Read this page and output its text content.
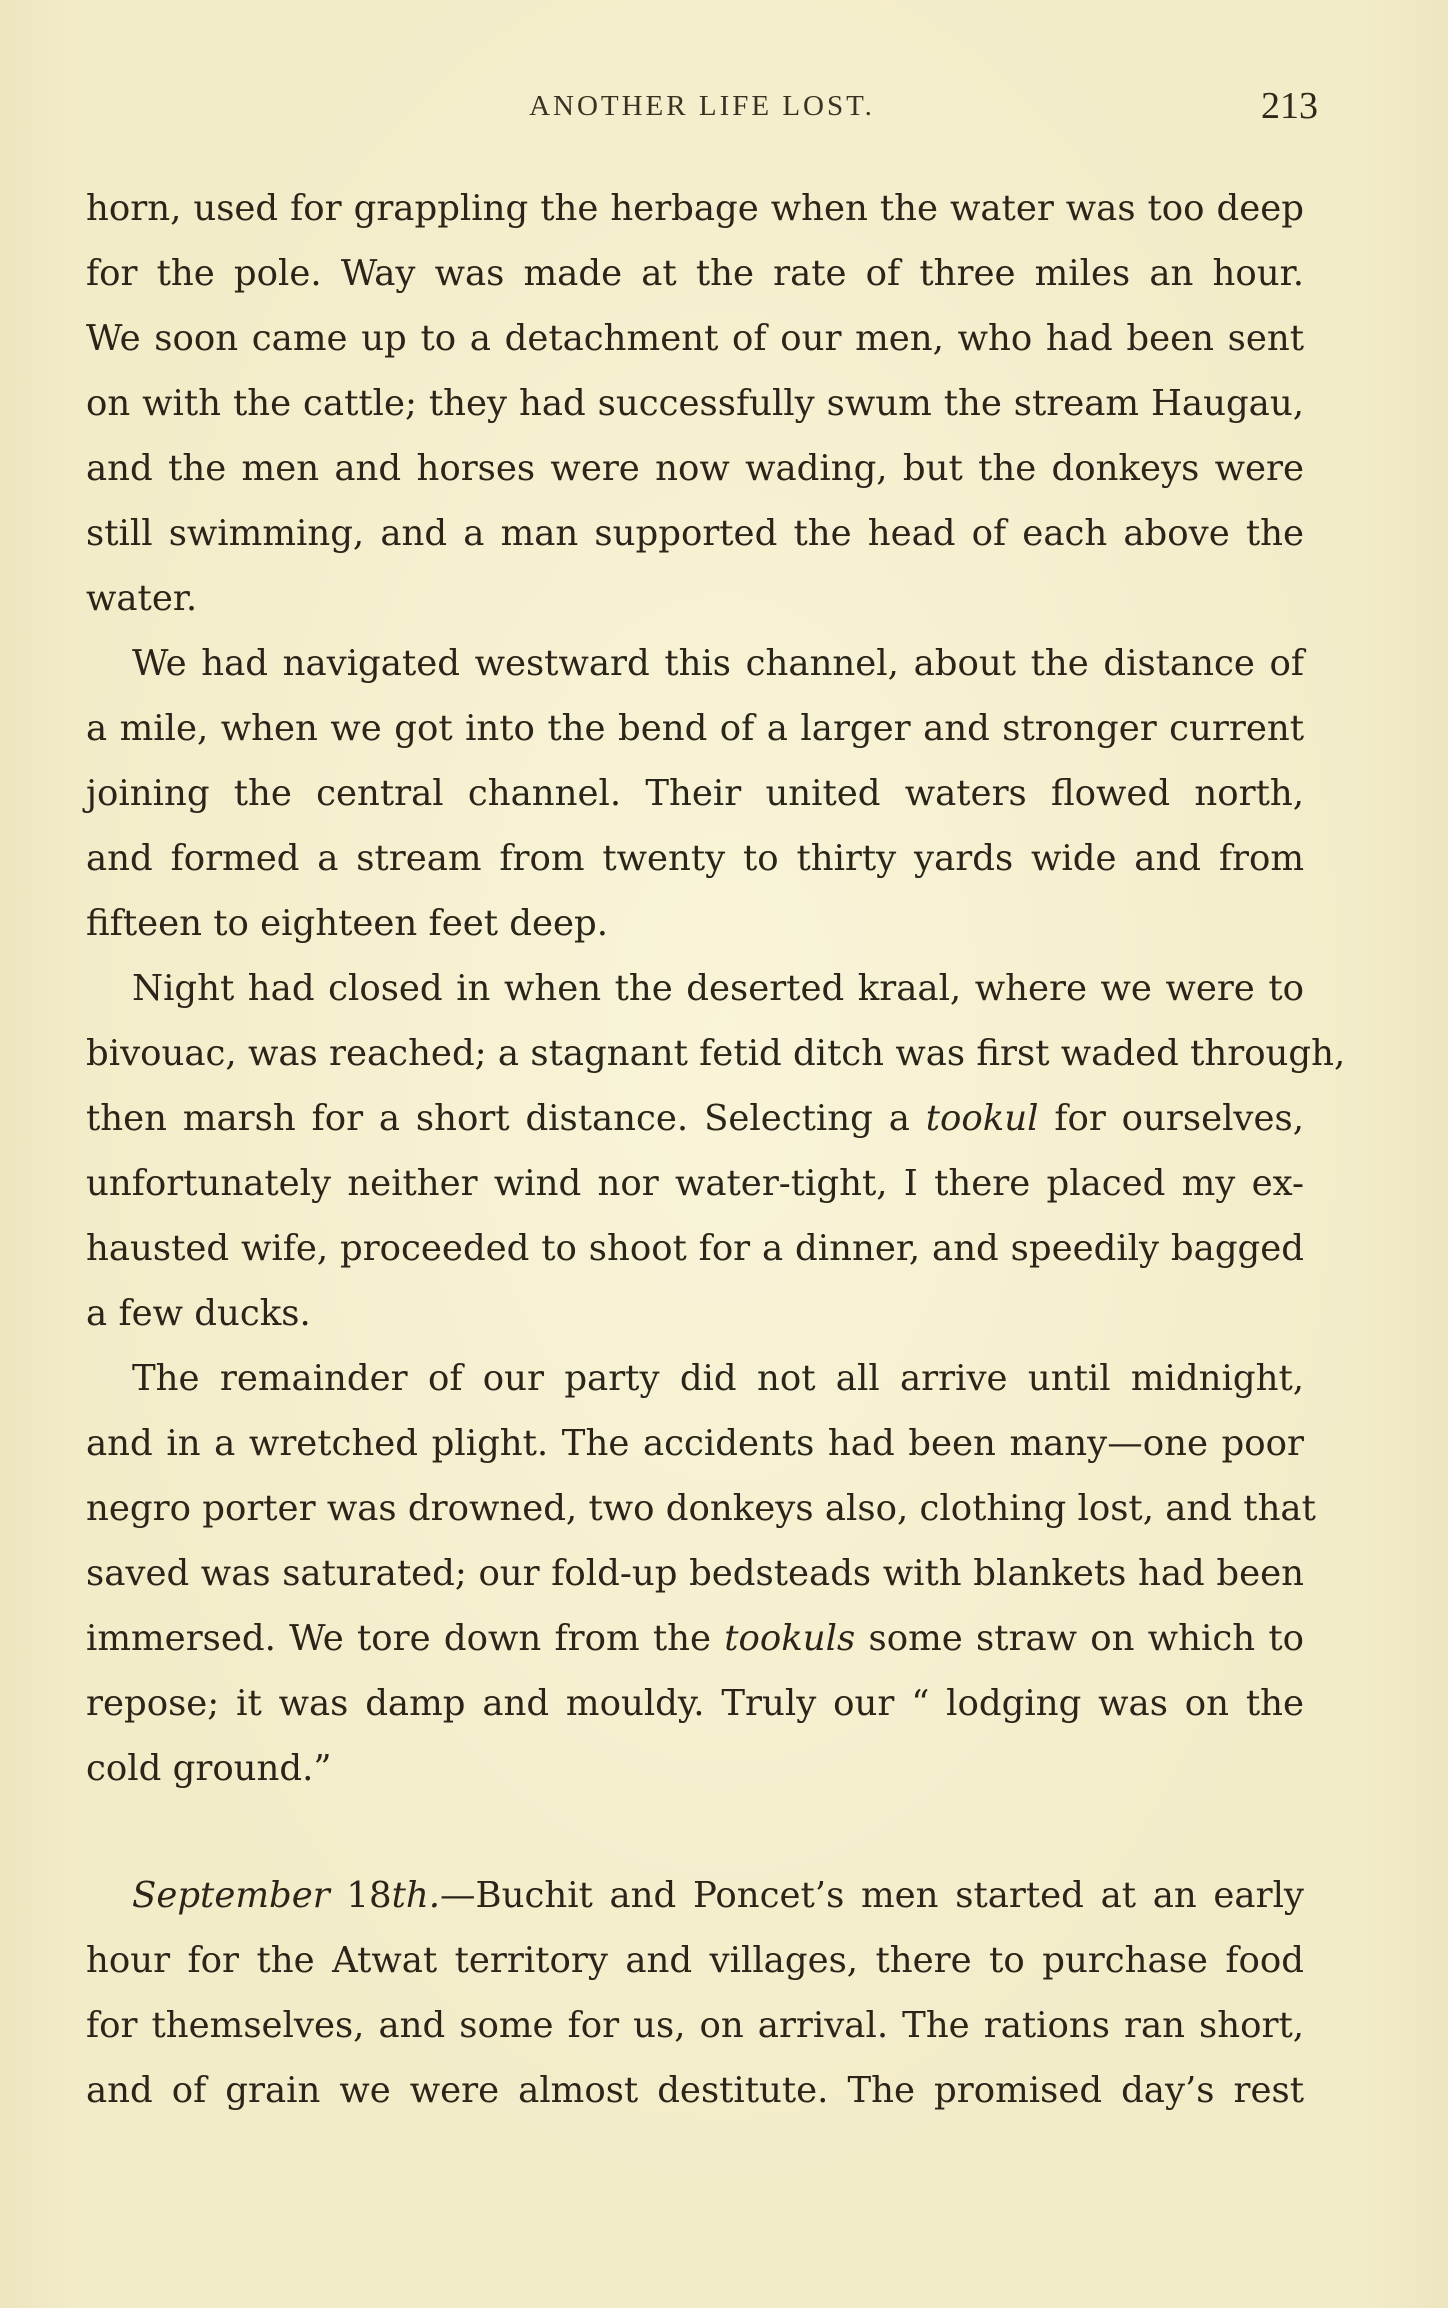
ANOTHER LIFE LOST.	213

horn, used for grappling the herbage when the water was too deep
for the pole. Way was made at the rate of three miles an hour.
We soon came up to a detachment of our men, who had been sent
on with the cattle; they had successfully swum the stream Haugau,
and the men and horses were now wading, but the donkeys were
still swimming, and a man supported the head of each above the
water.

We had navigated westward this channel, about the distance of
a mile, when we got into the bend of a larger and stronger current
joining the central channel. Their united waters flowed north,
and formed a stream from twenty to thirty yards wide and from
fifteen to eighteen feet deep.

Night had closed in when the deserted kraal, where we were to
bivouac, was reached; a stagnant fetid ditch was first waded through,
then marsh for a short distance. Selecting a tookul for ourselves,
unfortunately neither wind nor water-tight, I there placed my ex-
hausted wife, proceeded to shoot for a dinner, and speedily bagged
a few ducks.

The remainder of our party did not all arrive until midnight,
and in a wretched plight. The accidents had been many—one poor
negro porter was drowned, two donkeys also, clothing lost, and that
saved was saturated; our fold-up bedsteads with blankets had been
immersed. We tore down from the tookuls some straw on which to
repose; it was damp and mouldy. Truly our “ lodging was on the
cold ground.”

September 18th.—Buchit and Poncet’s men started at an early
hour for the Atwat territory and villages, there to purchase food
for themselves, and some for us, on arrival. The rations ran short,
and of grain we were almost destitute. The promised day’s rest
